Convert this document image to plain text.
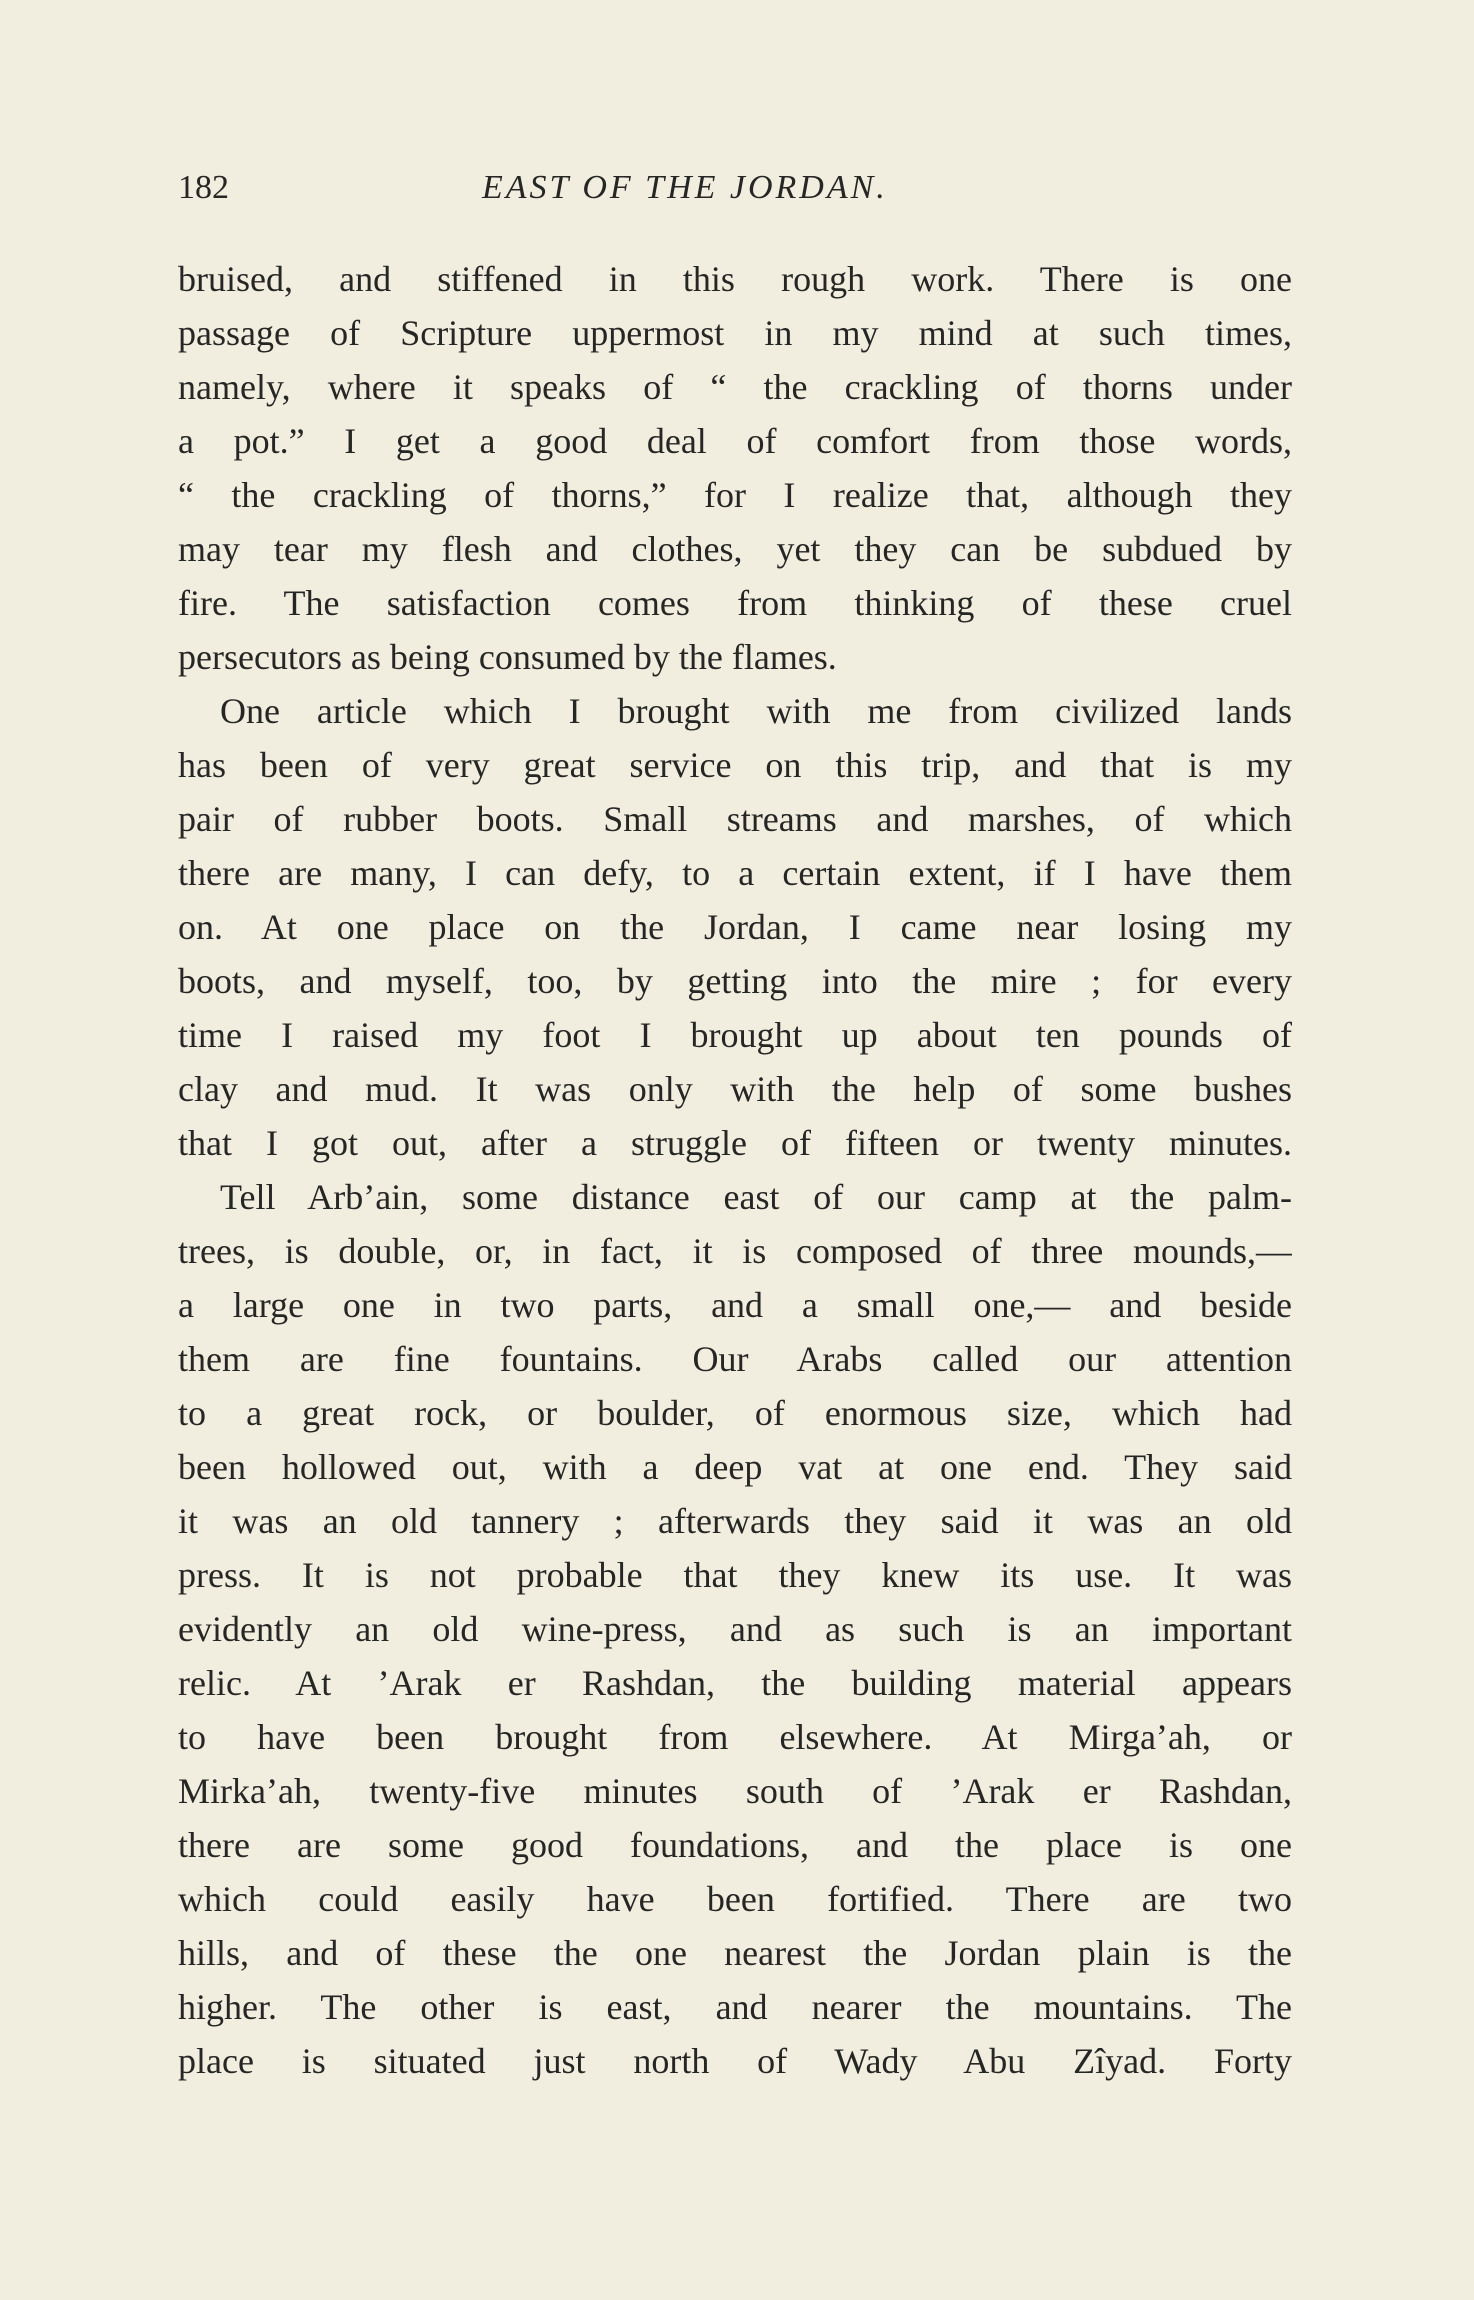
182	EAST OF THE JORDAN.
bruised, and stiffened in this rough work. There is one
passage of Scripture uppermost in my mind at such times,
namely, where it speaks of “ the crackling of thorns under
a pot.” I get a good deal of comfort from those words,
“ the crackling of thorns,” for I realize that, although they
may tear my flesh and clothes, yet they can be subdued by
fire. The satisfaction comes from thinking of these cruel
persecutors as being consumed by the flames.
One article which I brought with me from civilized lands
has been of very great service on this trip, and that is my
pair of rubber boots. Small streams and marshes, of which
there are many, I can defy, to a certain extent, if I have them
on. At one place on the Jordan, I came near losing my
boots, and myself, too, by getting into the mire ; for every
time I raised my foot I brought up about ten pounds of
clay and mud. It was only with the help of some bushes
that I got out, after a struggle of fifteen or twenty minutes.
Tell Arb’ain, some distance east of our camp at the palm-
trees, is double, or, in fact, it is composed of three mounds,—
a large one in two parts, and a small one,— and beside
them are fine fountains. Our Arabs called our attention
to a great rock, or boulder, of enormous size, which had
been hollowed out, with a deep vat at one end. They said
it was an old tannery ; afterwards they said it was an old
press. It is not probable that they knew its use. It was
evidently an old wine-press, and as such is an important
relic. At ’Arak er Rashdan, the building material appears
to have been brought from elsewhere. At Mirga’ah, or
Mirka’ah, twenty-five minutes south of ’Arak er Rashdan,
there are some good foundations, and the place is one
which could easily have been fortified. There are two
hills, and of these the one nearest the Jordan plain is the
higher. The other is east, and nearer the mountains. The
place is situated just north of Wady Abu Zîyad. Forty
